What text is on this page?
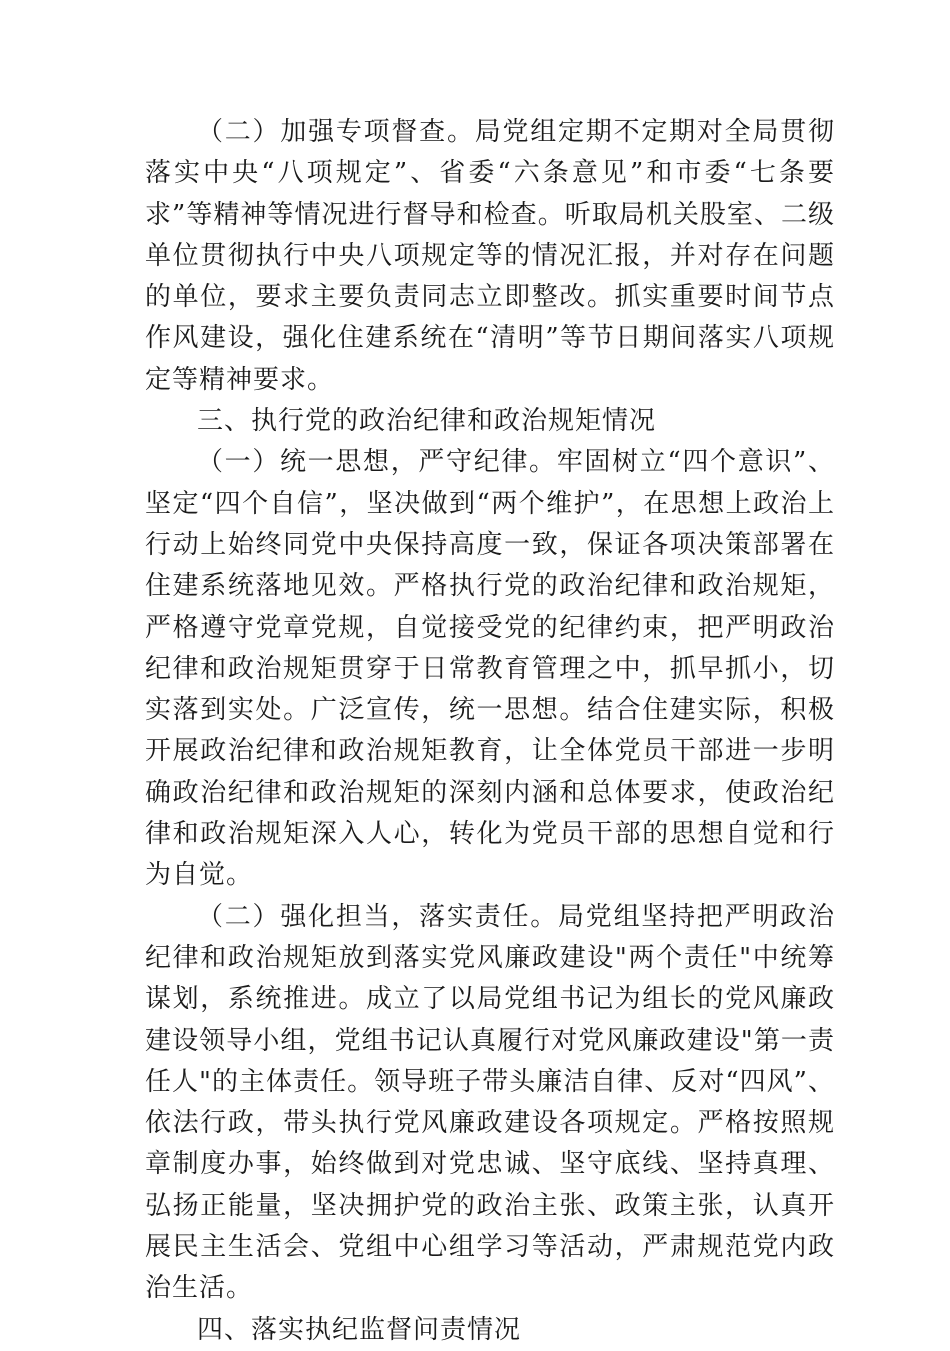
（二）加强专项督查。局党组定期不定期对全局贯彻落实中央“八项规定”、省委“六条意见”和市委“七条要求”等精神等情况进行督导和检查。听取局机关股室、二级单位贯彻执行中央八项规定等的情况汇报，并对存在问题的单位，要求主要负责同志立即整改。抓实重要时间节点作风建设，强化住建系统在“清明”等节日期间落实八项规定等精神要求。

三、执行党的政治纪律和政治规矩情况

（一）统一思想，严守纪律。牢固树立“四个意识”、坚定“四个自信”，坚决做到“两个维护”，在思想上政治上行动上始终同党中央保持高度一致，保证各项决策部署在住建系统落地见效。严格执行党的政治纪律和政治规矩，严格遵守党章党规，自觉接受党的纪律约束，把严明政治纪律和政治规矩贯穿于日常教育管理之中，抓早抓小，切实落到实处。广泛宣传，统一思想。结合住建实际，积极开展政治纪律和政治规矩教育，让全体党员干部进一步明确政治纪律和政治规矩的深刻内涵和总体要求，使政治纪律和政治规矩深入人心，转化为党员干部的思想自觉和行为自觉。

（二）强化担当，落实责任。局党组坚持把严明政治纪律和政治规矩放到落实党风廉政建设"两个责任"中统筹谋划，系统推进。成立了以局党组书记为组长的党风廉政建设领导小组，党组书记认真履行对党风廉政建设"第一责任人"的主体责任。领导班子带头廉洁自律、反对“四风”、依法行政，带头执行党风廉政建设各项规定。严格按照规章制度办事，始终做到对党忠诚、坚守底线、坚持真理、弘扬正能量，坚决拥护党的政治主张、政策主张，认真开展民主生活会、党组中心组学习等活动，严肃规范党内政治生活。

四、落实执纪监督问责情况
